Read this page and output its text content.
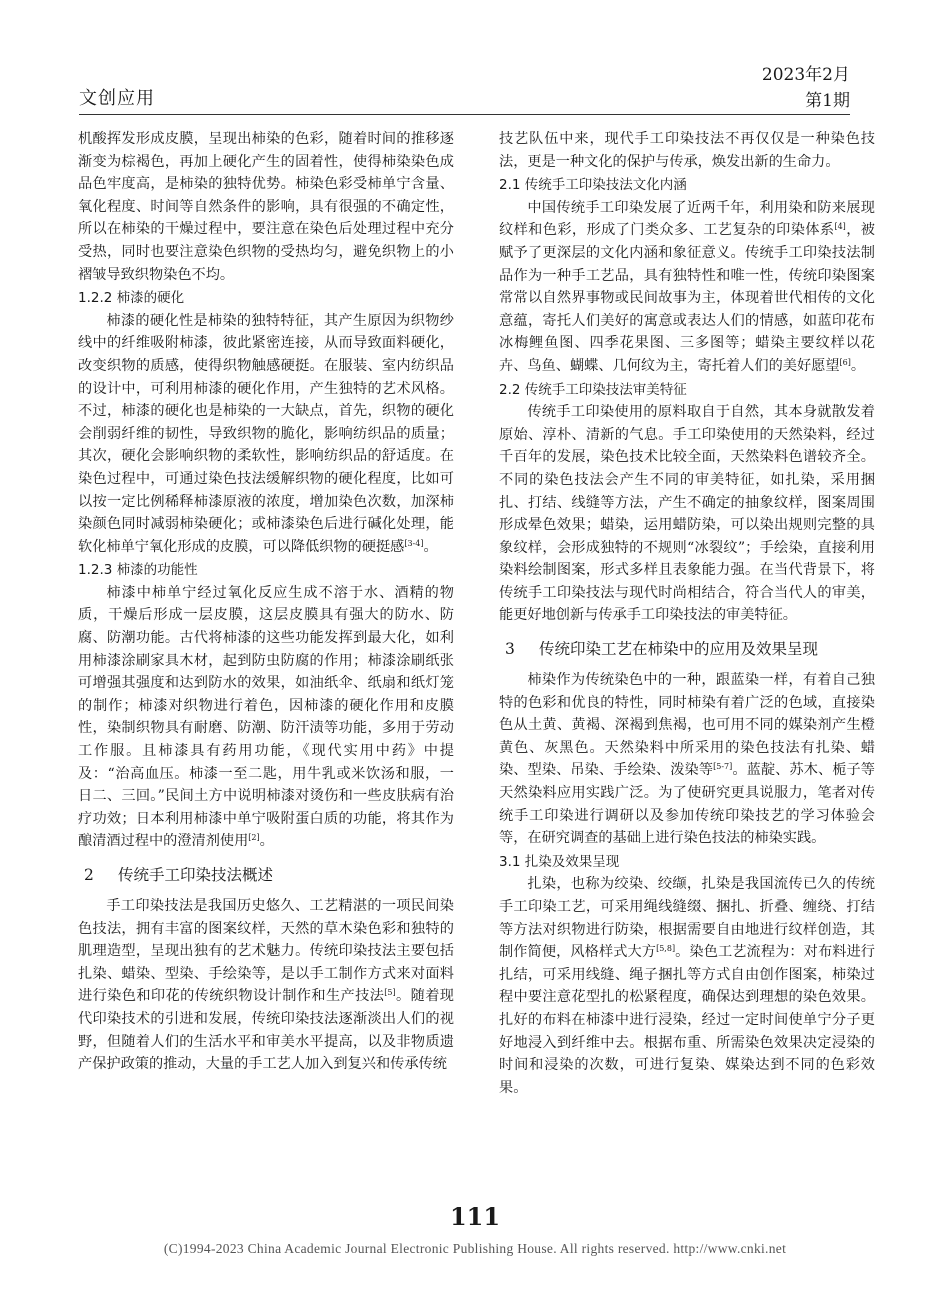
文创应用
2023年2月
第1期

机酸挥发形成皮膜，呈现出柿染的色彩，随着时间的推移逐渐变为棕褐色，再加上硬化产生的固着性，使得柿染染色成品色牢度高，是柿染的独特优势。柿染色彩受柿单宁含量、氧化程度、时间等自然条件的影响，具有很强的不确定性，所以在柿染的干燥过程中，要注意在染色后处理过程中充分受热，同时也要注意染色织物的受热均匀，避免织物上的小褶皱导致织物染色不均。

1.2.2 柿漆的硬化

柿漆的硬化性是柿染的独特特征，其产生原因为织物纱线中的纤维吸附柿漆，彼此紧密连接，从而导致面料硬化，改变织物的质感，使得织物触感硬挺。在服装、室内纺织品的设计中，可利用柿漆的硬化作用，产生独特的艺术风格。不过，柿漆的硬化也是柿染的一大缺点，首先，织物的硬化会削弱纤维的韧性，导致织物的脆化，影响纺织品的质量；其次，硬化会影响织物的柔软性，影响纺织品的舒适度。在染色过程中，可通过染色技法缓解织物的硬化程度，比如可以按一定比例稀释柿漆原液的浓度，增加染色次数，加深柿染颜色同时减弱柿染硬化；或柿漆染色后进行碱化处理，能软化柿单宁氧化形成的皮膜，可以降低织物的硬挺感[3-4]。

1.2.3 柿漆的功能性

柿漆中柿单宁经过氧化反应生成不溶于水、酒精的物质，干燥后形成一层皮膜，这层皮膜具有强大的防水、防腐、防潮功能。古代将柿漆的这些功能发挥到最大化，如利用柿漆涂刷家具木材，起到防虫防腐的作用；柿漆涂刷纸张可增强其强度和达到防水的效果，如油纸伞、纸扇和纸灯笼的制作；柿漆对织物进行着色，因柿漆的硬化作用和皮膜性，染制织物具有耐磨、防潮、防汗渍等功能，多用于劳动工作服。且柿漆具有药用功能，《现代实用中药》中提及：“治高血压。柿漆一至二匙，用牛乳或米饮汤和服，一日二、三回。”民间土方中说明柿漆对烫伤和一些皮肤病有治疗功效；日本利用柿漆中单宁吸附蛋白质的功能，将其作为酿清酒过程中的澄清剂使用[2]。

2 传统手工印染技法概述

手工印染技法是我国历史悠久、工艺精湛的一项民间染色技法，拥有丰富的图案纹样，天然的草木染色彩和独特的肌理造型，呈现出独有的艺术魅力。传统印染技法主要包括扎染、蜡染、型染、手绘染等，是以手工制作方式来对面料进行染色和印花的传统织物设计制作和生产技法[5]。随着现代印染技术的引进和发展，传统印染技法逐渐淡出人们的视野，但随着人们的生活水平和审美水平提高，以及非物质遗产保护政策的推动，大量的手工艺人加入到复兴和传承传统

技艺队伍中来，现代手工印染技法不再仅仅是一种染色技法，更是一种文化的保护与传承，焕发出新的生命力。

2.1 传统手工印染技法文化内涵

中国传统手工印染发展了近两千年，利用染和防来展现纹样和色彩，形成了门类众多、工艺复杂的印染体系[4]，被赋予了更深层的文化内涵和象征意义。传统手工印染技法制品作为一种手工艺品，具有独特性和唯一性，传统印染图案常常以自然界事物或民间故事为主，体现着世代相传的文化意蕴，寄托人们美好的寓意或表达人们的情感，如蓝印花布冰梅鲤鱼图、四季花果图、三多图等；蜡染主要纹样以花卉、鸟鱼、蝴蝶、几何纹为主，寄托着人们的美好愿望[6]。

2.2 传统手工印染技法审美特征

传统手工印染使用的原料取自于自然，其本身就散发着原始、淳朴、清新的气息。手工印染使用的天然染料，经过千百年的发展，染色技术比较全面，天然染料色谱较齐全。不同的染色技法会产生不同的审美特征，如扎染，采用捆扎、打结、线缝等方法，产生不确定的抽象纹样，图案周围形成晕色效果；蜡染，运用蜡防染，可以染出规则完整的具象纹样，会形成独特的不规则“冰裂纹”；手绘染，直接利用染料绘制图案，形式多样且表象能力强。在当代背景下，将传统手工印染技法与现代时尚相结合，符合当代人的审美，能更好地创新与传承手工印染技法的审美特征。

3 传统印染工艺在柿染中的应用及效果呈现

柿染作为传统染色中的一种，跟蓝染一样，有着自己独特的色彩和优良的特性，同时柿染有着广泛的色域，直接染色从土黄、黄褐、深褐到焦褐，也可用不同的媒染剂产生橙黄色、灰黑色。天然染料中所采用的染色技法有扎染、蜡染、型染、吊染、手绘染、泼染等[5-7]。蓝靛、苏木、栀子等天然染料应用实践广泛。为了使研究更具说服力，笔者对传统手工印染进行调研以及参加传统印染技艺的学习体验会等，在研究调查的基础上进行染色技法的柿染实践。

3.1 扎染及效果呈现

扎染，也称为绞染、绞缬，扎染是我国流传已久的传统手工印染工艺，可采用绳线缝缀、捆扎、折叠、缠绕、打结等方法对织物进行防染，根据需要自由地进行纹样创造，其制作简便，风格样式大方[5,8]。染色工艺流程为：对布料进行扎结，可采用线缝、绳子捆扎等方式自由创作图案，柿染过程中要注意花型扎的松紧程度，确保达到理想的染色效果。扎好的布料在柿漆中进行浸染，经过一定时间使单宁分子更好地浸入到纤维中去。根据布重、所需染色效果决定浸染的时间和浸染的次数，可进行复染、媒染达到不同的色彩效果。

111
(C)1994-2023 China Academic Journal Electronic Publishing House. All rights reserved. http://www.cnki.net
